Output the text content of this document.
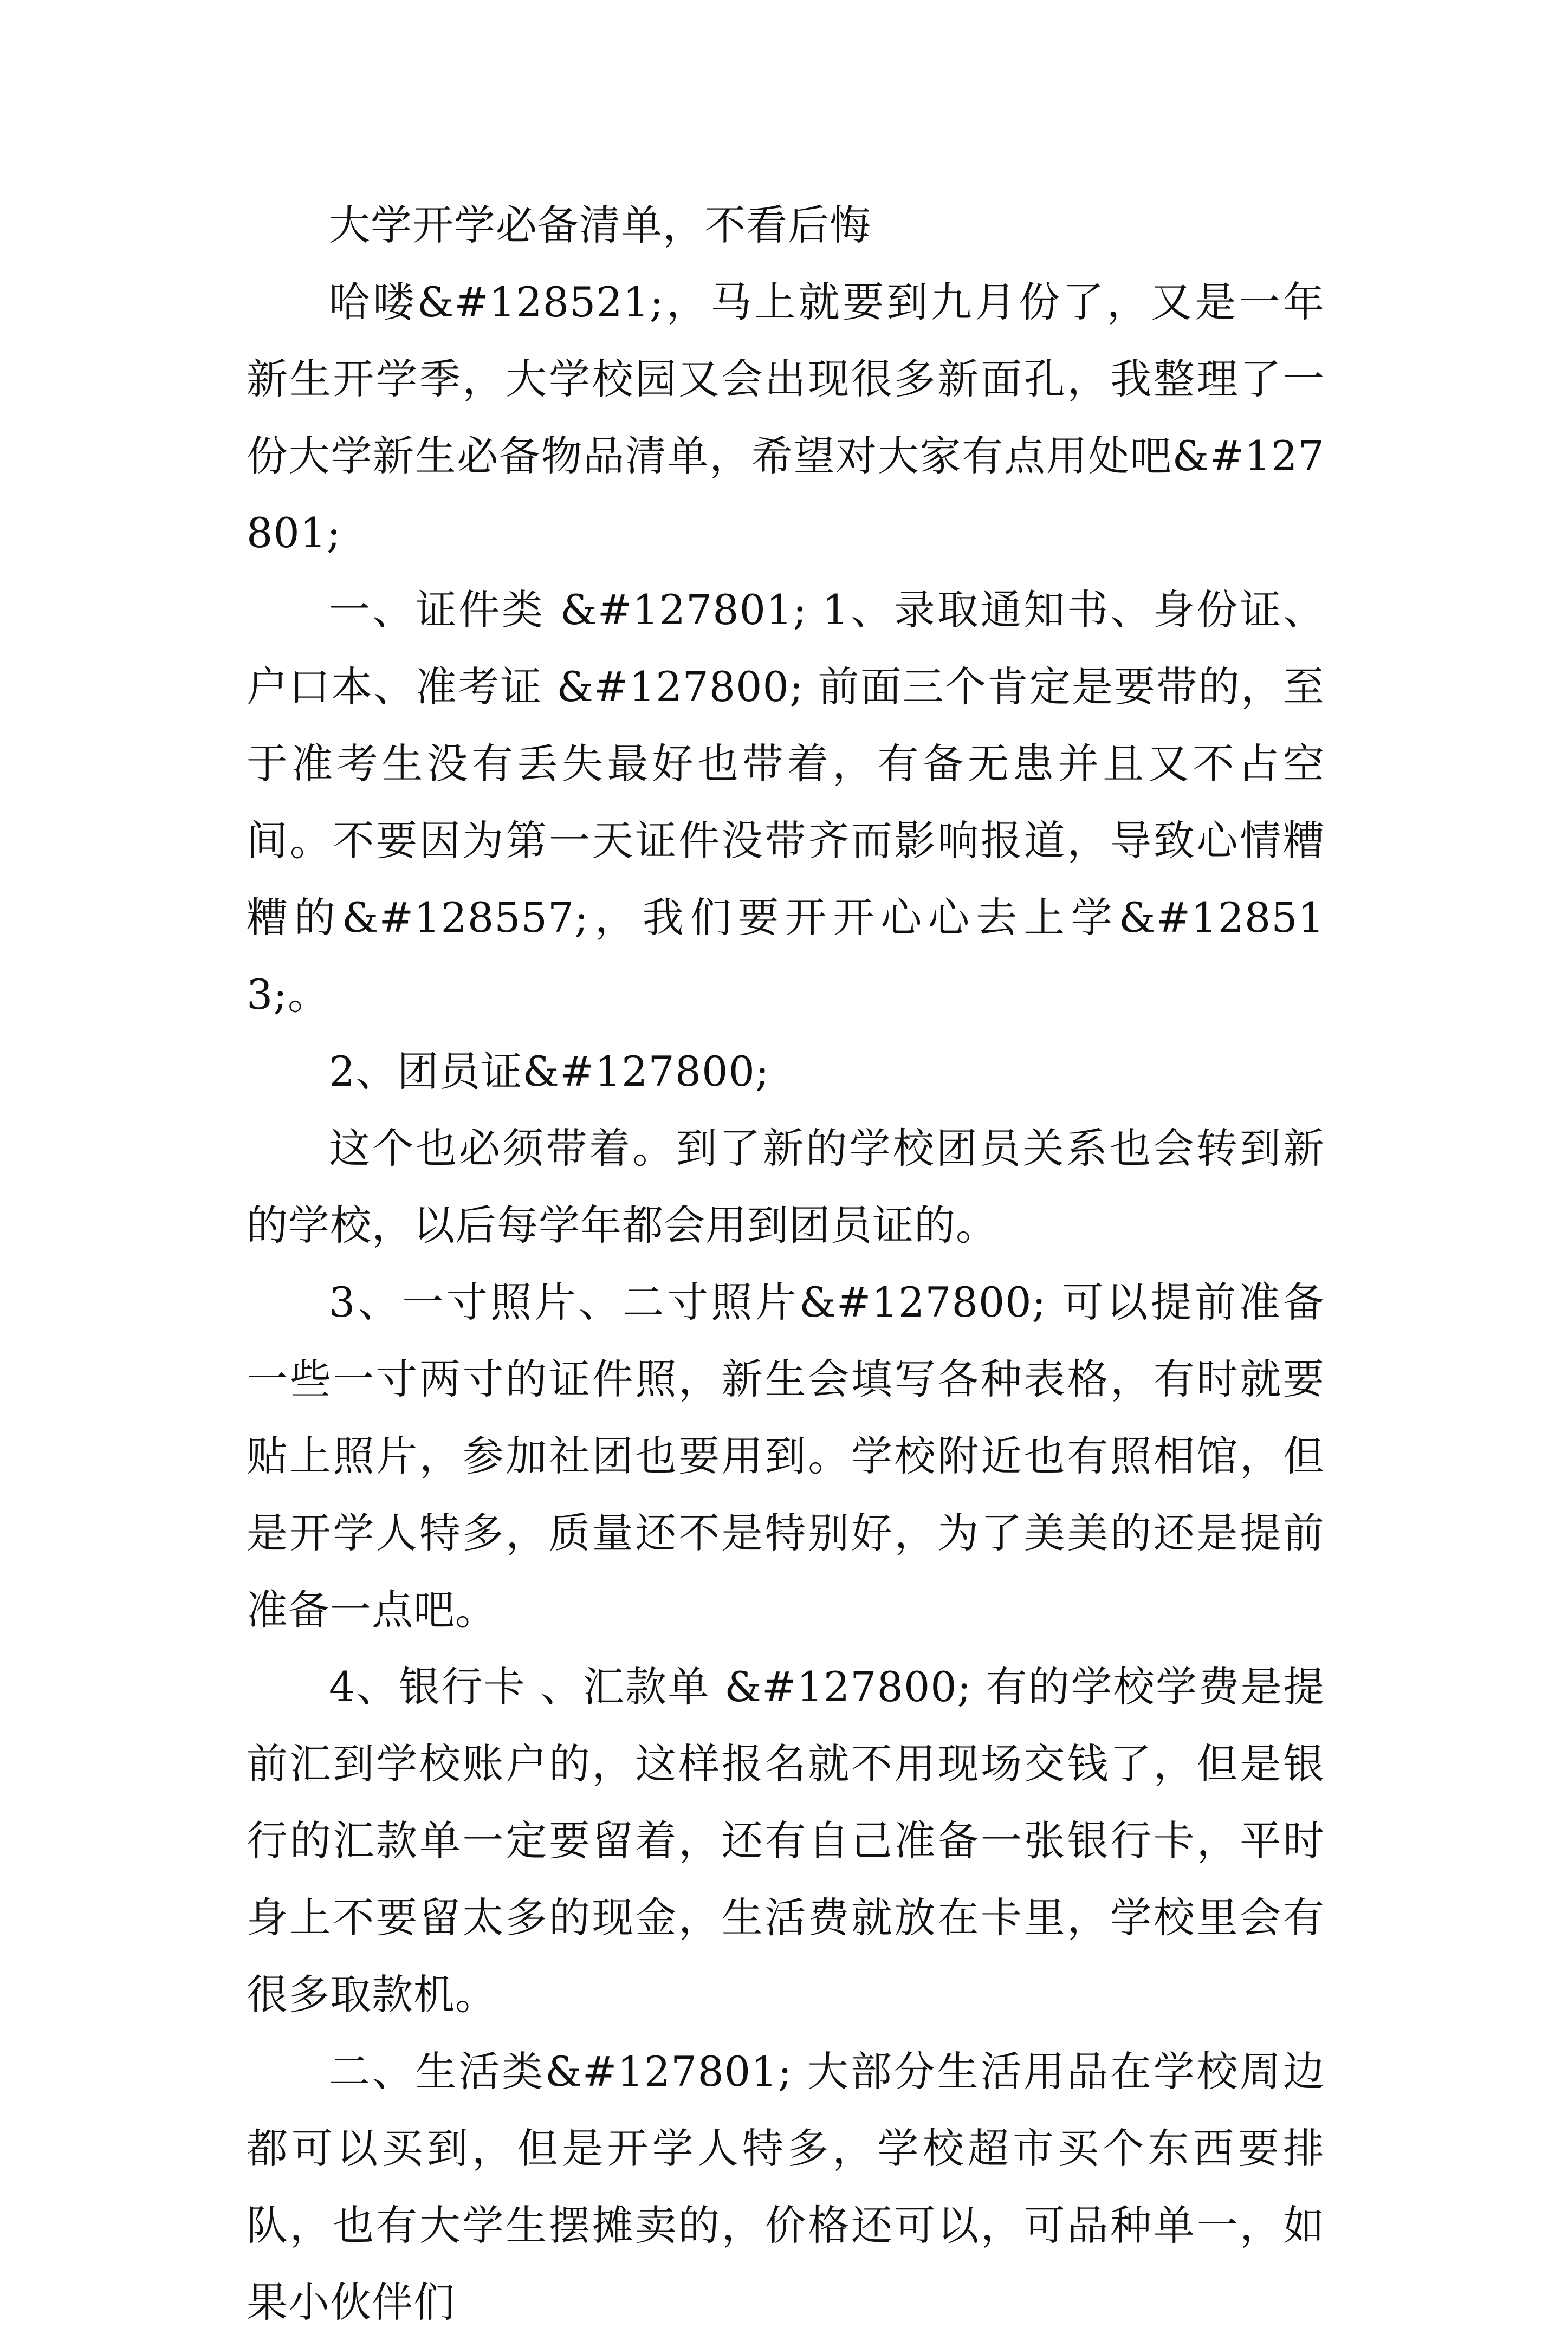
大学开学必备清单，不看后悔

哈喽&#128521;，马上就要到九月份了，又是一年新生开学季，大学校园又会出现很多新面孔，我整理了一份大学新生必备物品清单，希望对大家有点用处吧&#127801;

一、证件类 &#127801; 1、录取通知书、身份证、户口本、准考证 &#127800; 前面三个肯定是要带的，至于准考生没有丢失最好也带着，有备无患并且又不占空间。不要因为第一天证件没带齐而影响报道，导致心情糟糟的&#128557;，我们要开开心心去上学&#128513;。

2、团员证&#127800;

这个也必须带着。到了新的学校团员关系也会转到新的学校，以后每学年都会用到团员证的。

3、一寸照片、二寸照片&#127800; 可以提前准备一些一寸两寸的证件照，新生会填写各种表格，有时就要贴上照片，参加社团也要用到。学校附近也有照相馆，但是开学人特多，质量还不是特别好，为了美美的还是提前准备一点吧。

4、银行卡 、汇款单 &#127800; 有的学校学费是提前汇到学校账户的，这样报名就不用现场交钱了，但是银行的汇款单一定要留着，还有自己准备一张银行卡，平时身上不要留太多的现金，生活费就放在卡里，学校里会有很多取款机。

二、生活类&#127801; 大部分生活用品在学校周边都可以买到，但是开学人特多，学校超市买个东西要排队，也有大学生摆摊卖的，价格还可以，可品种单一，如果小伙伴们
